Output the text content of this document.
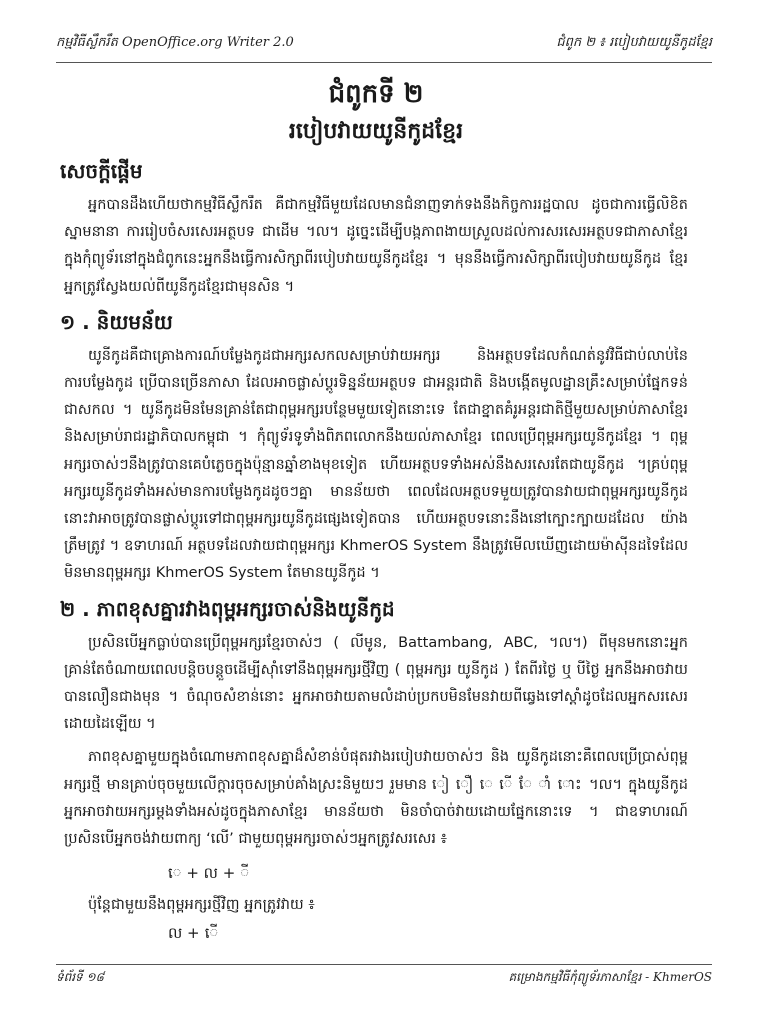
កម្មវិធីស្លឹករឹត OpenOffice.org Writer 2.0	ជំពូក ២ ៖ របៀបវាយយូនីកូដខ្មែរ
ជំពូកទី ២
របៀបវាយយូនីកូដខ្មែរ
សេចក្តីផ្តើម

អ្នកបានដឹងហើយថាកម្មវិធីស្លឹករឹត គឺជាកម្មវិធីមួយដែលមានជំនាញទាក់ទងនឹងកិច្ចការរដ្ឋបាល ដូចជាការធ្វើលិខិតស្នាមនានា ការរៀបចំសរសេរអត្ថបទ ជាដើម ។ល។ ដូច្នេះដើម្បីបង្កភាពងាយស្រួលដល់ការសរសេរអត្ថបទជាភាសាខ្មែរក្នុងកុំព្យូទ័រនៅក្នុងជំពូកនេះអ្នកនឹងធ្វើការសិក្សាពីរបៀបវាយយូនីកូដខ្មែរ ។ មុននឹងធ្វើការសិក្សាពីរបៀបវាយយូនីកូដ ខ្មែរ អ្នកត្រូវស្វែងយល់ពីយូនីកូដខ្មែរជាមុនសិន ។

១ . និយមន័យ

យូនីកូដគឺជាគ្រោងការណ៍បម្លែងកូដជាអក្សរសកលសម្រាប់វាយអក្សរ និងអត្ថបទដែលកំណត់នូវវិធីជាប់លាប់នៃការបម្លែងកូដ ប្រើបានច្រើនភាសា ដែលអាចផ្លាស់ប្តូរទិន្នន័យអត្ថបទ ជាអន្តរជាតិ និងបង្កើតមូលដ្ឋានគ្រឹះសម្រាប់ផ្នែកទន់ជាសកល ។ យូនីកូដមិនមែនគ្រាន់តែជាពុម្ពអក្សរបន្ថែមមួយទៀតនោះទេ តែជាខ្នាតគំរូអន្តរជាតិថ្មីមួយសម្រាប់ភាសាខ្មែរ និងសម្រាប់រាជរដ្ឋាភិបាលកម្ពុជា ។ កុំព្យូទ័រទូទាំងពិភពលោកនឹងយល់ភាសាខ្មែរ ពេលប្រើពុម្ពអក្សរយូនីកូដខ្មែរ ។ ពុម្ពអក្សរចាស់ៗនឹងត្រូវបានគេបំភ្លេចក្នុងប៉ុន្មានឆ្នាំខាងមុខទៀត ហើយអត្ថបទទាំងអស់នឹងសរសេរតែជាយូនីកូដ ។គ្រប់ពុម្ពអក្សរយូនីកូដទាំងអស់មានការបម្លែងកូដដូចៗគ្នា មានន័យថា ពេលដែលអត្ថបទមួយត្រូវបានវាយជាពុម្ពអក្សរយូនីកូដ នោះវាអាចត្រូវបានផ្លាស់ប្តូរទៅជាពុម្ពអក្សរយូនីកូដផ្សេងទៀតបាន ហើយអត្ថបទនោះនឹងនៅក្បោះក្បាយដដែល យ៉ាងត្រឹមត្រូវ ។ ឧទាហរណ៍ អត្ថបទដែលវាយជាពុម្ពអក្សរ KhmerOS System នឹងត្រូវមើលឃើញដោយម៉ាស៊ីនដទៃដែលមិនមានពុម្ពអក្សរ KhmerOS System តែមានយូនីកូដ ។

២ . ភាពខុសគ្នារវាងពុម្ពអក្សរចាស់និងយូនីកូដ

ប្រសិនបើអ្នកធ្លាប់បានប្រើពុម្ពអក្សរខ្មែរចាស់ៗ ( លីមូន, Battambang, ABC, ។ល។) ពីមុនមកនោះអ្នកគ្រាន់តែចំណាយពេលបន្តិចបន្តួចដើម្បីស៊ាំទៅនឹងពុម្ពអក្សរថ្មីវិញ ( ពុម្ពអក្សរ យូនីកូដ ) តែពីរថ្ងៃ ឬ បីថ្ងៃ អ្នកនឹងអាចវាយបានលឿនជាងមុន ។ ចំណុចសំខាន់នោះ អ្នកអាចវាយតាមលំដាប់ប្រកបមិនមែនវាយពីឆ្វេងទៅស្តាំដូចដែលអ្នកសរសេរដោយដៃឡើយ ។

ភាពខុសគ្នាមួយក្នុងចំណោមភាពខុសគ្នាដ៏សំខាន់បំផុតរវាងរបៀបវាយចាស់ៗ និង យូនីកូដនោះគឺពេលប្រើប្រាស់ពុម្ពអក្សរថ្មី មានគ្រាប់ចុចមួយលើក្តារចុចសម្រាប់គាំងស្រះនិមួយៗ រួមមាន ៀ ឿ េ ើ ែ ាំ ោះ ។ល។ ក្នុងយូនីកូដ អ្នកអាចវាយអក្សរម្តងទាំងអស់ដូចក្នុងភាសាខ្មែរ មានន័យថា មិនចាំបាច់វាយដោយផ្នែកនោះទេ ។ ជាឧទាហរណ៍ ប្រសិនបើអ្នកចង់វាយពាក្យ ‘លើ’ ជាមួយពុម្ពអក្សរចាស់ៗអ្នកត្រូវសរសេរ ៖

េ + ល + ី

ប៉ុន្តែជាមួយនឹងពុម្ពអក្សរថ្មីវិញ អ្នកត្រូវវាយ ៖

ល + ើ
ទំព័រទី ១៨	គម្រោងកម្មវិធីកុំព្យូទ័រភាសាខ្មែរ - KhmerOS
